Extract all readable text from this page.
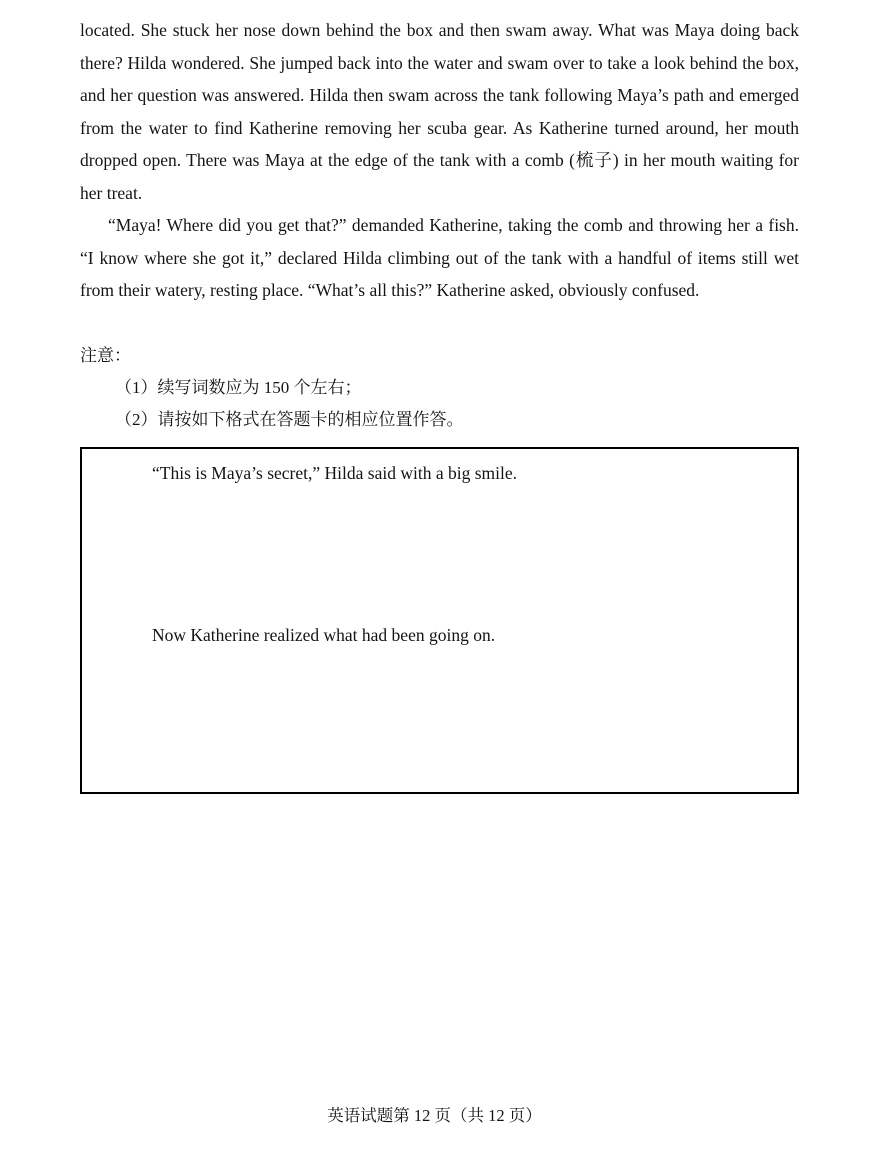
located. She stuck her nose down behind the box and then swam away. What was Maya doing back there? Hilda wondered. She jumped back into the water and swam over to take a look behind the box, and her question was answered. Hilda then swam across the tank following Maya’s path and emerged from the water to find Katherine removing her scuba gear. As Katherine turned around, her mouth dropped open. There was Maya at the edge of the tank with a comb (梳子) in her mouth waiting for her treat.

“Maya! Where did you get that?” demanded Katherine, taking the comb and throwing her a fish. “I know where she got it,” declared Hilda climbing out of the tank with a handful of items still wet from their watery, resting place. “What’s all this?” Katherine asked, obviously confused.

注意：
（1）续写词数应为 150 个左右；
（2）请按如下格式在答题卡的相应位置作答。

“This is Maya’s secret,” Hilda said with a big smile.

Now Katherine realized what had been going on.

英语试题第 12 页（共 12 页）
